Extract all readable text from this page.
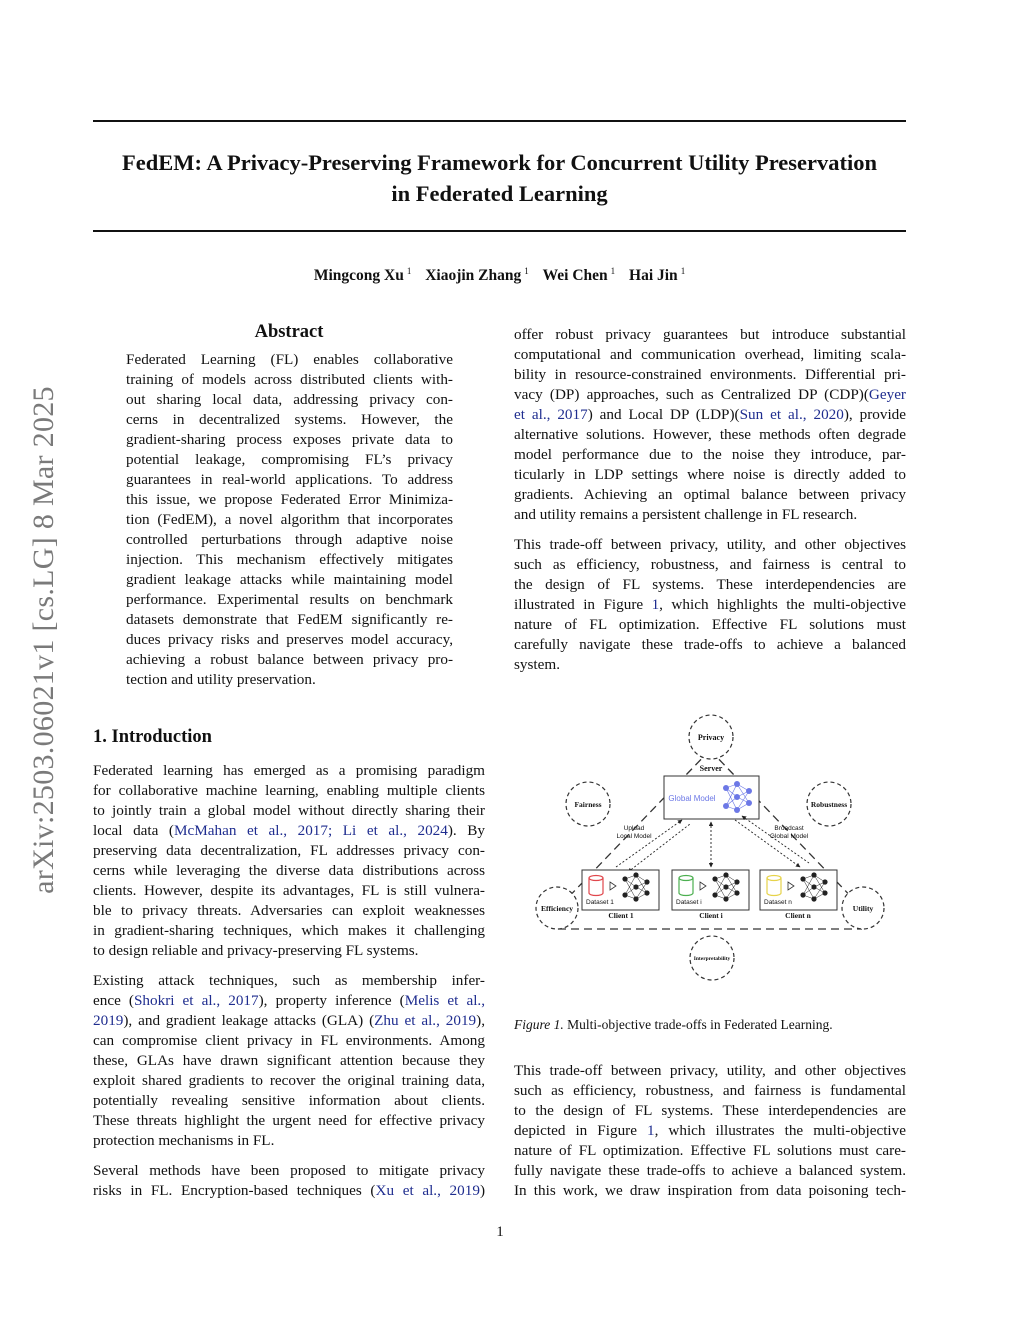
FedEM: A Privacy-Preserving Framework for Concurrent Utility Preservation
in Federated Learning
Mingcong Xu $^1$ Xiaojin Zhang $^1$ Wei Chen $^1$ Hai Jin $^1$
arXiv:2503.06021v1 [cs.LG] 8 Mar 2025
Abstract
Federated Learning (FL) enables collaborative
training of models across distributed clients with-
out sharing local data, addressing privacy con-
cerns in decentralized systems. However, the
gradient-sharing process exposes private data to
potential leakage, compromising FL’s privacy
guarantees in real-world applications. To address
this issue, we propose Federated Error Minimiza-
tion (FedEM), a novel algorithm that incorporates
controlled perturbations through adaptive noise
injection. This mechanism effectively mitigates
gradient leakage attacks while maintaining model
performance. Experimental results on benchmark
datasets demonstrate that FedEM significantly re-
duces privacy risks and preserves model accuracy,
achieving a robust balance between privacy pro-
tection and utility preservation.
1. Introduction
Federated learning has emerged as a promising paradigm
for collaborative machine learning, enabling multiple clients
to jointly train a global model without directly sharing their
local data (McMahan et al., 2017; Li et al., 2024). By
preserving data decentralization, FL addresses privacy con-
cerns while leveraging the diverse data distributions across
clients. However, despite its advantages, FL is still vulnera-
ble to privacy threats. Adversaries can exploit weaknesses
in gradient-sharing techniques, which makes it challenging
to design reliable and privacy-preserving FL systems.
Existing attack techniques, such as membership infer-
ence (Shokri et al., 2017), property inference (Melis et al.,
2019), and gradient leakage attacks (GLA) (Zhu et al., 2019),
can compromise client privacy in FL environments. Among
these, GLAs have drawn significant attention because they
exploit shared gradients to recover the original training data,
potentially revealing sensitive information about clients.
These threats highlight the urgent need for effective privacy
protection mechanisms in FL.
Several methods have been proposed to mitigate privacy
risks in FL. Encryption-based techniques (Xu et al., 2019)
offer robust privacy guarantees but introduce substantial
computational and communication overhead, limiting scala-
bility in resource-constrained environments. Differential pri-
vacy (DP) approaches, such as Centralized DP (CDP)(Geyer
et al., 2017) and Local DP (LDP)(Sun et al., 2020), provide
alternative solutions. However, these methods often degrade
model performance due to the noise they introduce, par-
ticularly in LDP settings where noise is directly added to
gradients. Achieving an optimal balance between privacy
and utility remains a persistent challenge in FL research.
This trade-off between privacy, utility, and other objectives
such as efficiency, robustness, and fairness is central to
the design of FL systems. These interdependencies are
illustrated in Figure 1, which highlights the multi-objective
nature of FL optimization. Effective FL solutions must
carefully navigate these trade-offs to achieve a balanced
system.
Privacy
Fairness	Robustness
Efficiency	Utility
Interpretability
Server
Global Model
Upload
Local Model
Broadcast
Global Model
Dataset 1
Client 1
Dataset i
Client i
Dataset n
Client n
Figure 1. Multi-objective trade-offs in Federated Learning.
This trade-off between privacy, utility, and other objectives
such as efficiency, robustness, and fairness is fundamental
to the design of FL systems. These interdependencies are
depicted in Figure 1, which illustrates the multi-objective
nature of FL optimization. Effective FL solutions must care-
fully navigate these trade-offs to achieve a balanced system.
In this work, we draw inspiration from data poisoning tech-
1
